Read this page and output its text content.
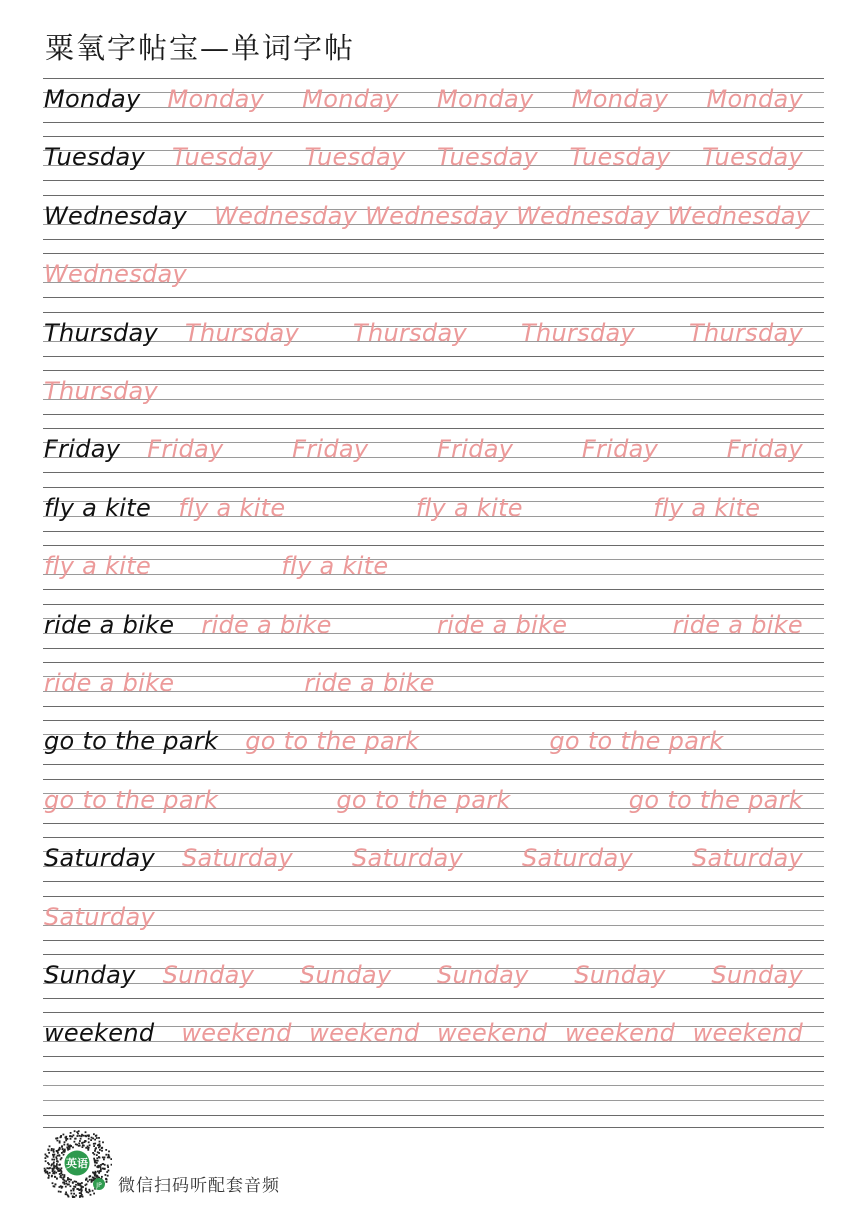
粟氧字帖宝—单词字帖
Monday Monday Monday Monday Monday Monday
Tuesday Tuesday Tuesday Tuesday Tuesday Tuesday
Wednesday Wednesday Wednesday Wednesday Wednesday
Wednesday
Thursday Thursday Thursday Thursday Thursday
Thursday
Friday Friday	Friday	Friday	Friday	Friday
fly a kite fly a kite	fly a kite	fly a kite
fly a kite	fly a kite
ride a bike ride a bike	ride a bike	ride a bike
ride a bike	ride a bike
go to the park go to the park	go to the park
go to the park	go to the park	go to the park
Saturday Saturday Saturday Saturday Saturday
Saturday
Sunday Sunday Sunday Sunday Sunday Sunday
weekend weekend weekend weekend weekend weekend
英语
JP 微信扫码听配套音频
